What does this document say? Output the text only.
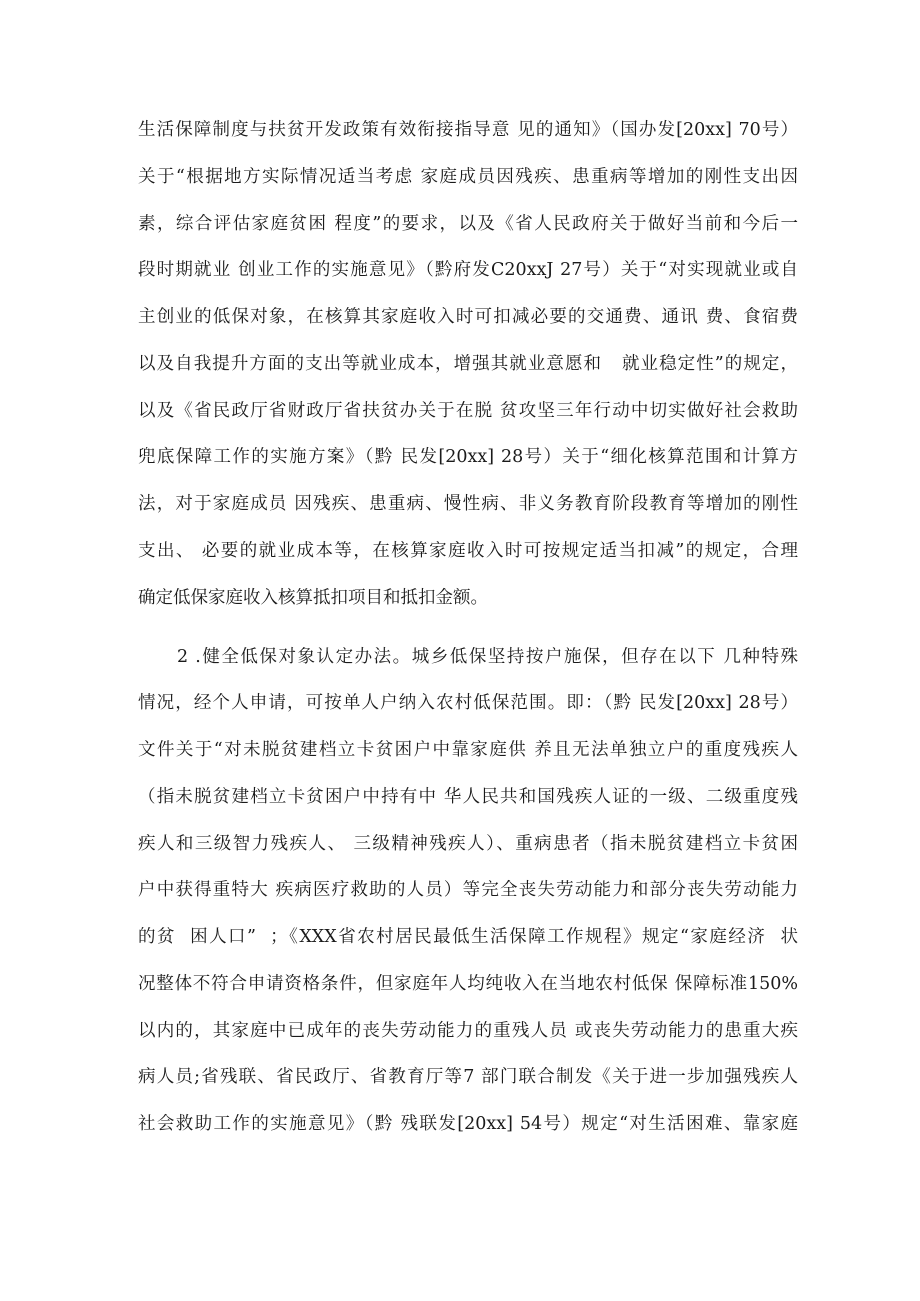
生活保障制度与扶贫开发政策有效衔接指导意 见的通知》（国办发[20xx] 70号）
关于“根据地方实际情况适当考虑 家庭成员因残疾、患重病等增加的刚性支出因
素，综合评估家庭贫困 程度”的要求，以及《省人民政府关于做好当前和今后一
段时期就业 创业工作的实施意见》（黔府发C20xxJ 27号）关于“对实现就业或自
主创业的低保对象，在核算其家庭收入时可扣减必要的交通费、通讯 费、食宿费
以及自我提升方面的支出等就业成本，增强其就业意愿和   就业稳定性”的规定，
以及《省民政厅省财政厅省扶贫办关于在脱 贫攻坚三年行动中切实做好社会救助
兜底保障工作的实施方案》（黔 民发[20xx] 28号）关于“细化核算范围和计算方
法，对于家庭成员 因残疾、患重病、慢性病、非义务教育阶段教育等增加的刚性
支出、 必要的就业成本等，在核算家庭收入时可按规定适当扣减”的规定，合理
确定低保家庭收入核算抵扣项目和抵扣金额。
2 .健全低保对象认定办法。城乡低保坚持按户施保，但存在以下 几种特殊
情况，经个人申请，可按单人户纳入农村低保范围。即：（黔 民发[20xx] 28号）
文件关于“对未脱贫建档立卡贫困户中靠家庭供 养且无法单独立户的重度残疾人
（指未脱贫建档立卡贫困户中持有中 华人民共和国残疾人证的一级、二级重度残
疾人和三级智力残疾人、 三级精神残疾人）、重病患者（指未脱贫建档立卡贫困
户中获得重特大 疾病医疗救助的人员）等完全丧失劳动能力和部分丧失劳动能力
的贫  困人口”  ；《XXX省农村居民最低生活保障工作规程》规定“家庭经济  状
况整体不符合申请资格条件，但家庭年人均纯收入在当地农村低保 保障标准150%
以内的，其家庭中已成年的丧失劳动能力的重残人员 或丧失劳动能力的患重大疾
病人员;省残联、省民政厅、省教育厅等7 部门联合制发《关于进一步加强残疾人
社会救助工作的实施意见》（黔 残联发[20xx] 54号）规定“对生活困难、靠家庭
